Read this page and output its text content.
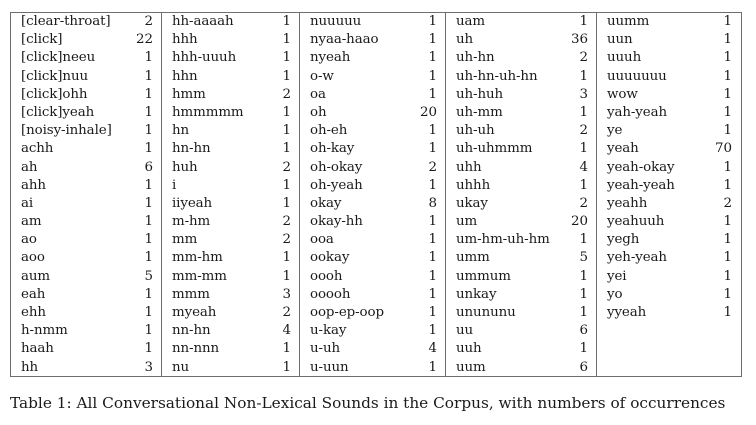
[clear-throat]	2
[click]	22
[click]neeu	1
[click]nuu	1
[click]ohh	1
[click]yeah	1
[noisy-inhale] 1
achh	1
ah	6
ahh	1
ai	1
am	1
ao	1
aoo	1
aum	5
eah	1
ehh	1
h-nmm	1
haah	1
hh	3
hh-aaaah	1
hhh	1
hhh-uuuh	1
hhn	1
hmm	2
hmmmmm	1
hn	1
hn-hn	1
huh	2
i	1
iiyeah	1
m-hm	2
mm	2
mm-hm	1
mm-mm	1
mmm	3
myeah	2
nn-hn	4
nn-nnn	1
nu	1
nuuuuu	1
nyaa-haao	1
nyeah	1
o-w	1
oa	1
oh	20
oh-eh	1
oh-kay	1
oh-okay	2
oh-yeah	1
okay	8
okay-hh	1
ooa	1
ookay	1
oooh	1
ooooh	1
oop-ep-oop	1
u-kay	1
u-uh	4
u-uun	1
uam	1
uh	36
uh-hn	2
uh-hn-uh-hn	1
uh-huh	3
uh-mm	1
uh-uh	2
uh-uhmmm	1
uhh	4
uhhh	1
ukay	2
um	20
um-hm-uh-hm 1
umm	5
ummum	1
unkay	1
unununu	1
uu	6
uuh	1
uum	6
uumm	1
uun	1
uuuh	1
uuuuuuu	1
wow	1
yah-yeah	1
ye	1
yeah	70
yeah-okay	1
yeah-yeah	1
yeahh	2
yeahuuh	1
yegh	1
yeh-yeah	1
yei	1
yo	1
yyeah	1
Table 1: All Conversational Non-Lexical Sounds in the Corpus, with numbers of occurrences
